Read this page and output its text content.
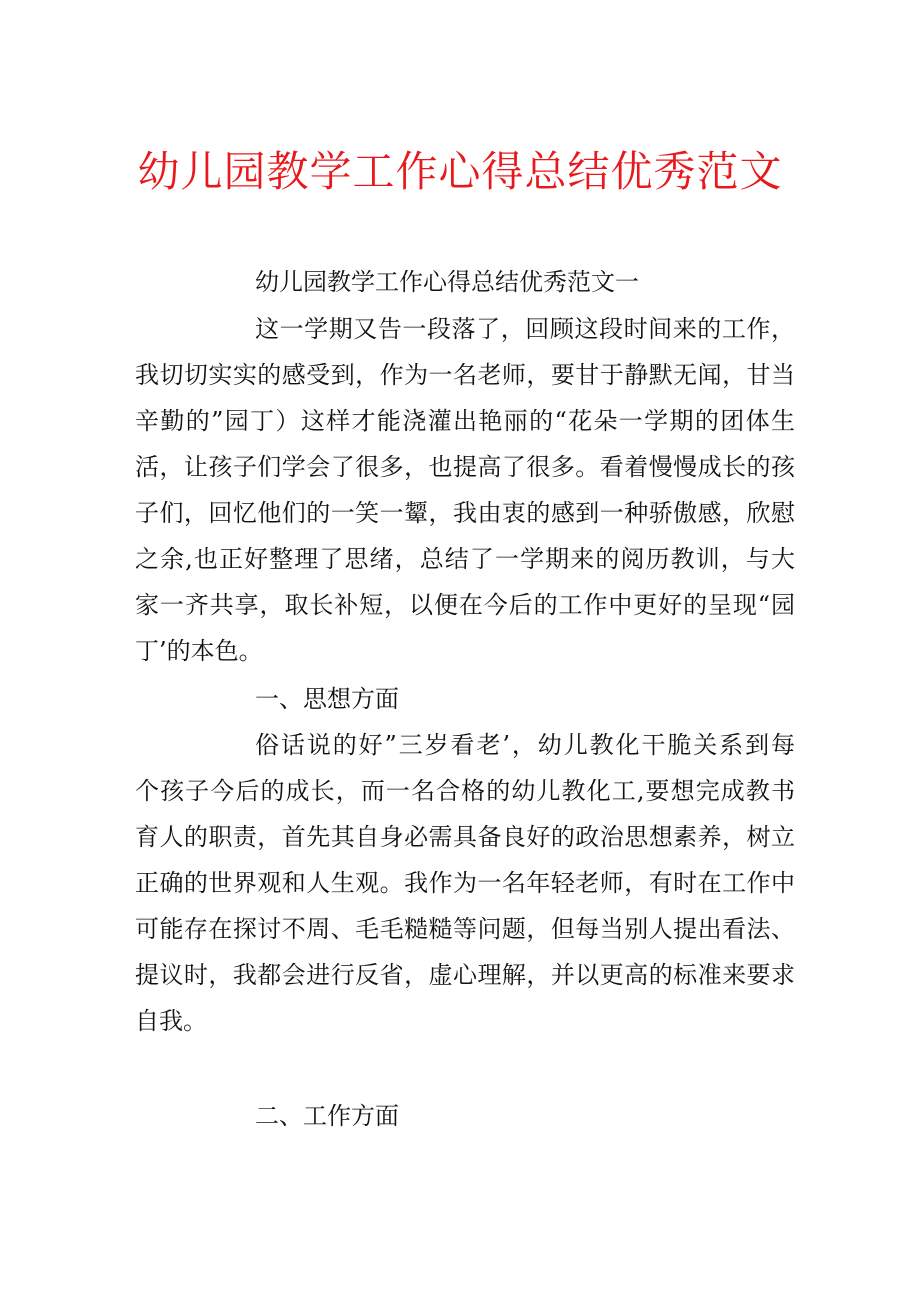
幼儿园教学工作心得总结优秀范文
幼儿园教学工作心得总结优秀范文一
这一学期又告一段落了，回顾这段时间来的工作，
我切切实实的感受到，作为一名老师，要甘于静默无闻，甘当
辛勤的”园丁）这样才能浇灌出艳丽的“花朵一学期的团体生
活，让孩子们学会了很多，也提高了很多。看着慢慢成长的孩
子们，回忆他们的一笑一颦，我由衷的感到一种骄傲感，欣慰
之余,也正好整理了思绪，总结了一学期来的阅历教训，与大
家一齐共享，取长补短，以便在今后的工作中更好的呈现“园
丁’的本色。
一、思想方面
俗话说的好”三岁看老’，幼儿教化干脆关系到每
个孩子今后的成长，而一名合格的幼儿教化工,要想完成教书
育人的职责，首先其自身必需具备良好的政治思想素养，树立
正确的世界观和人生观。我作为一名年轻老师，有时在工作中
可能存在探讨不周、毛毛糙糙等问题，但每当别人提出看法、
提议时，我都会进行反省，虚心理解，并以更高的标准来要求
自我。
二、工作方面
